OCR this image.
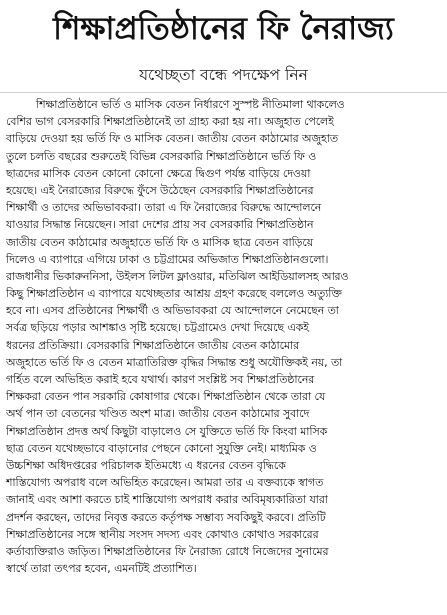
শিক্ষাপ্রতিষ্ঠানের ফি নৈরাজ্য
যথেচ্ছতা বন্ধে পদক্ষেপ নিন
শিক্ষাপ্রতিষ্ঠানে ভর্তি ও মাসিক বেতন নির্ধারণে সুস্পষ্ট নীতিমালা থাকলেও
বেশির ভাগ বেসরকারি শিক্ষাপ্রতিষ্ঠানেই তা গ্রাহ্য করা হয় না। অজুহাত পেলেই
বাড়িয়ে দেওয়া হয় ভর্তি ফি ও মাসিক বেতন। জাতীয় বেতন কাঠামোর অজুহাত
তুলে চলতি বছরের শুরুতেই বিভিন্ন বেসরকারি শিক্ষাপ্রতিষ্ঠানে ভর্তি ফি ও
ছাত্রদের মাসিক বেতন কোনো কোনো ক্ষেত্রে দ্বিগুণ পর্যন্ত বাড়িয়ে দেওয়া
হয়েছে। এই নৈরাজ্যের বিরুদ্ধে ফুঁসে উঠেছেন বেসরকারি শিক্ষাপ্রতিষ্ঠানের
শিক্ষার্থী ও তাদের অভিভাবকরা। তারা এ ফি নৈরাজ্যের বিরুদ্ধে আন্দোলনে
যাওয়ার সিদ্ধান্ত নিয়েছেন। সারা দেশের প্রায় সব বেসরকারি শিক্ষাপ্রতিষ্ঠান
জাতীয় বেতন কাঠামোর অজুহাতে ভর্তি ফি ও মাসিক ছাত্র বেতন বাড়িয়ে
দিলেও এ ব্যাপারে এগিয়ে ঢাকা ও চট্টগ্রামের অভিজাত শিক্ষাপ্রতিষ্ঠানগুলো।
রাজধানীর ভিকারুননিসা, উইলস লিটল ফ্লাওয়ার, মতিঝিল আইডিয়ালসহ আরও
কিছু শিক্ষাপ্রতিষ্ঠান এ ব্যাপারে যথেচ্ছতার আশ্রয় গ্রহণ করেছে বললেও অত্যুক্তি
হবে না। এসব প্রতিষ্ঠানের শিক্ষার্থী ও অভিভাবকরা যে আন্দোলনে নেমেছেন তা
সর্বত্র ছড়িয়ে পড়ার আশঙ্কাও সৃষ্টি হয়েছে। চট্টগ্রামেও দেখা দিয়েছে একই
ধরনের প্রতিক্রিয়া। বেসরকারি শিক্ষাপ্রতিষ্ঠানে জাতীয় বেতন কাঠামোর
অজুহাতে ভর্তি ফি ও বেতন মাত্রাতিরিক্ত বৃদ্ধির সিদ্ধান্ত শুধু অযৌক্তিকই নয়, তা
গর্হিত বলে অভিহিত করাই হবে যথার্থ। কারণ সংশ্লিষ্ট সব শিক্ষাপ্রতিষ্ঠানের
শিক্ষকরা বেতন পান সরকারি কোষাগার থেকে। শিক্ষাপ্রতিষ্ঠান থেকে তারা যে
অর্থ পান তা বেতনের খণ্ডিত অংশ মাত্র। জাতীয় বেতন কাঠামোর সুবাদে
শিক্ষাপ্রতিষ্ঠান প্রদত্ত অর্থ কিছুটা বাড়ালেও সে যুক্তিতে ভর্তি ফি কিংবা মাসিক
ছাত্র বেতন যথেচ্ছভাবে বাড়ানোর পেছনে কোনো সুযুক্তি নেই। মাধ্যমিক ও
উচ্চশিক্ষা অধিদপ্তরের পরিচালক ইতিমধ্যে এ ধরনের বেতন বৃদ্ধিকে
শাস্তিযোগ্য অপরাধ বলে অভিহিত করেছেন। আমরা তার এ বক্তব্যকে স্বাগত
জানাই এবং আশা করতে চাই শাস্তিযোগ্য অপরাধ করার অবিমৃষ্যকারিতা যারা
প্রদর্শন করছেন, তাদের নিবৃত্ত করতে কর্তৃপক্ষ সম্ভাব্য সবকিছুই করবে। প্রতিটি
শিক্ষাপ্রতিষ্ঠানের সঙ্গে স্থানীয় সংসদ সদস্য এবং কোথাও কোথাও সরকারের
কর্তাব্যক্তিরাও জড়িত। শিক্ষাপ্রতিষ্ঠানের ফি নৈরাজ্য রোধে নিজেদের সুনামের
স্বার্থে তারা তৎপর হবেন, এমনটিই প্রত্যাশিত।
